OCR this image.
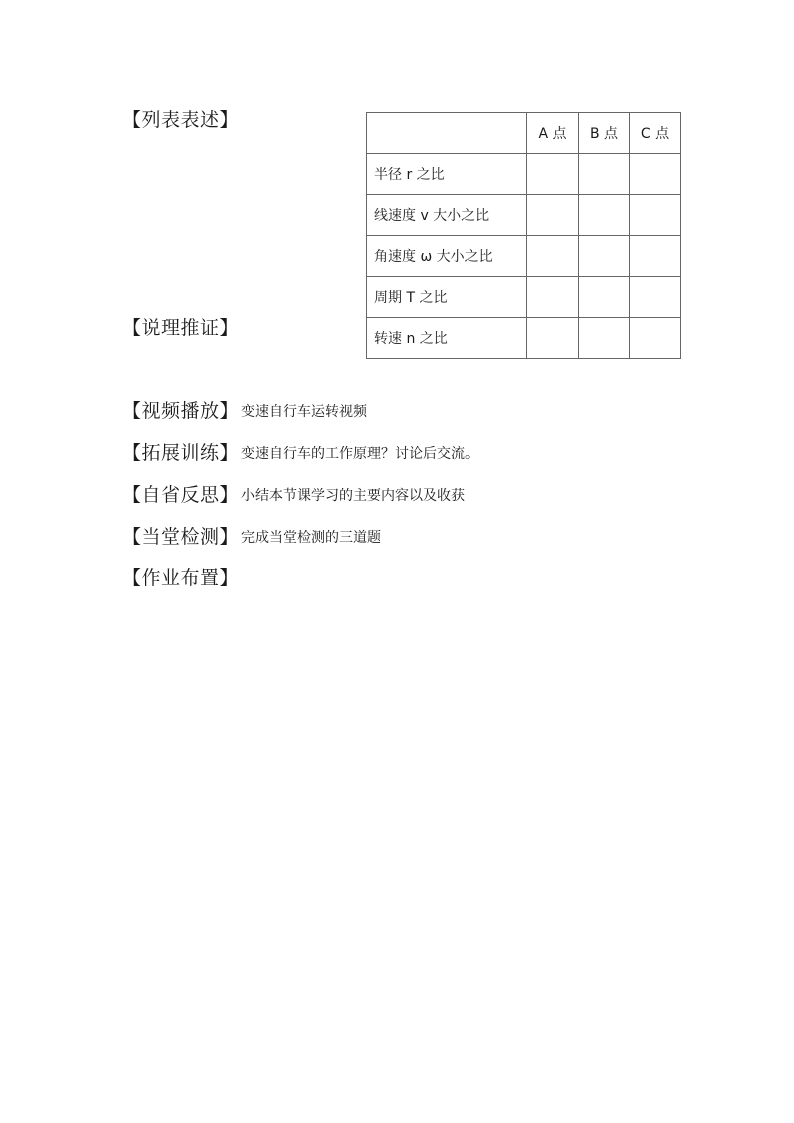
【列表表述】
	A 点	B 点	C 点
半径 r 之比			
线速度 v 大小之比			
角速度 ω 大小之比			
周期 T 之比			
转速 n 之比			
【说理推证】
【视频播放】 变速自行车运转视频
【拓展训练】 变速自行车的工作原理？讨论后交流。
【自省反思】 小结本节课学习的主要内容以及收获
【当堂检测】 完成当堂检测的三道题
【作业布置】
